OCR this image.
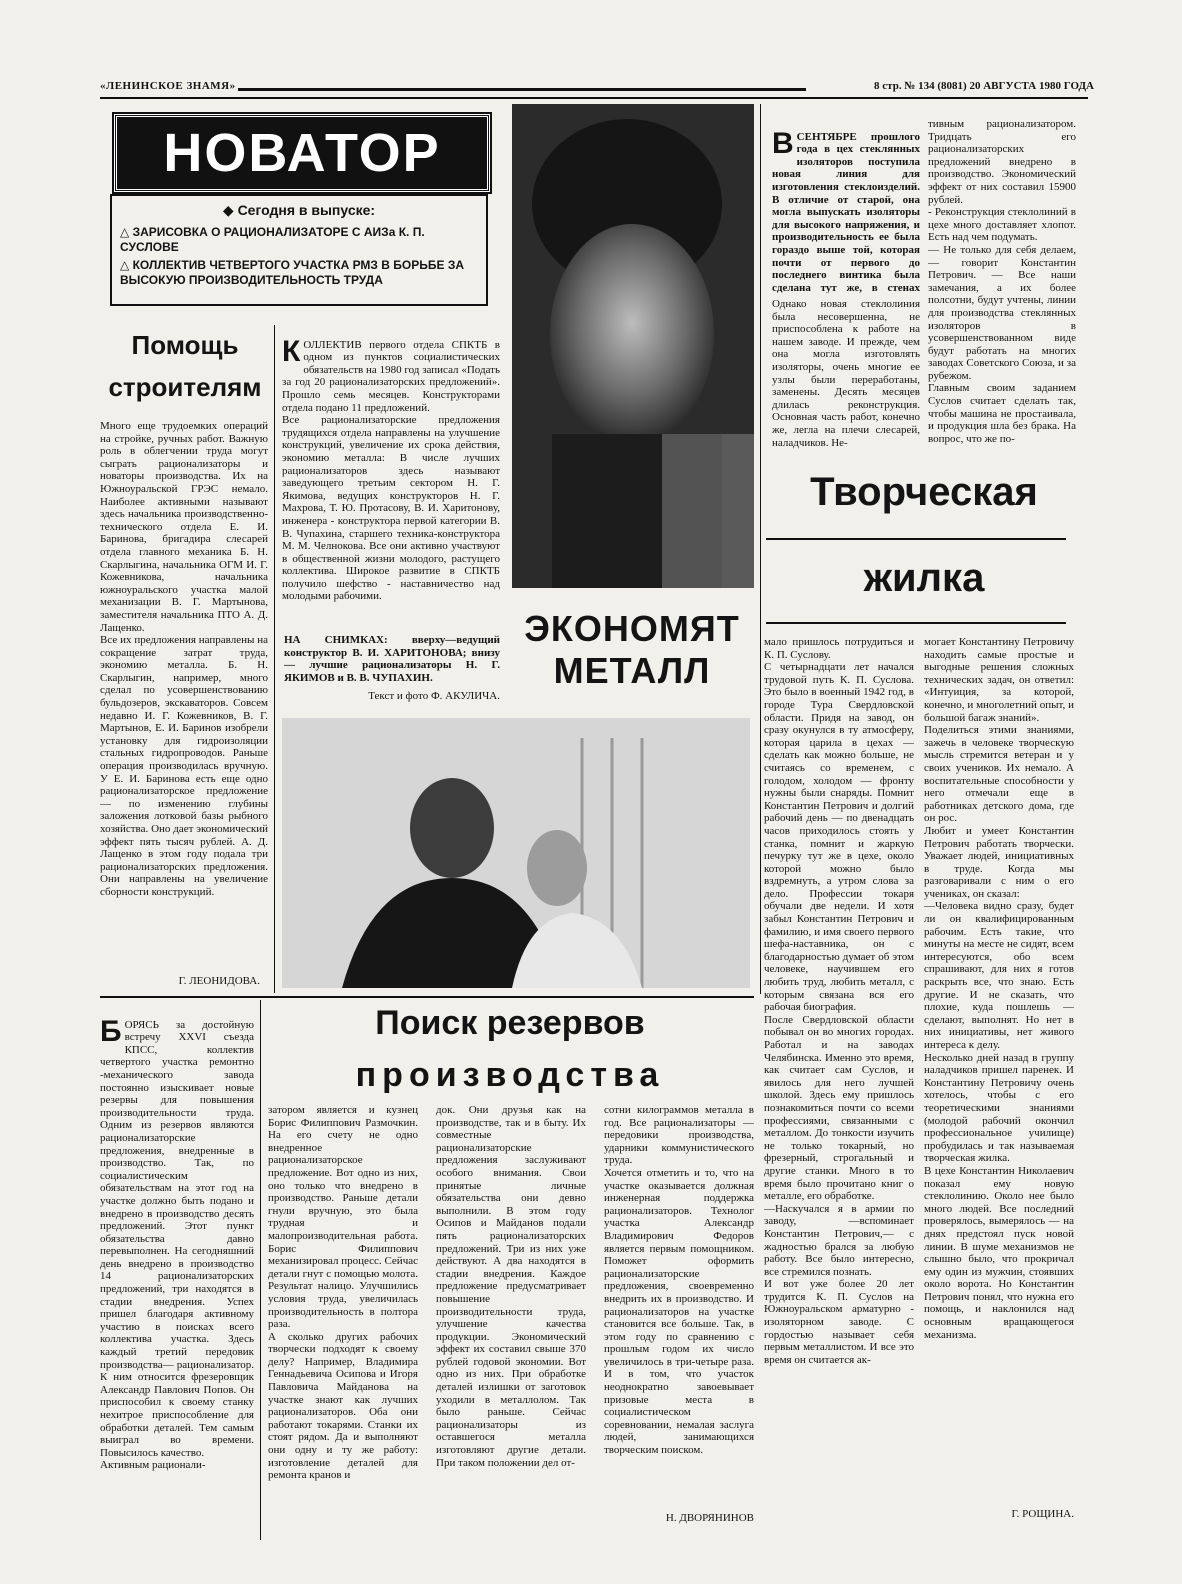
«ЛЕНИНСКОЕ ЗНАМЯ»	8 стр. № 134 (8081) 20 АВГУСТА 1980 ГОДА
НОВАТОР
◆ Сегодня в выпуске:

△ ЗАРИСОВКА О РАЦИОНАЛИЗАТОРЕ С АИЗа К. П. СУСЛОВЕ

△ КОЛЛЕКТИВ ЧЕТВЕРТОГО УЧАСТКА РМЗ В БОРЬБЕ ЗА ВЫСОКУЮ ПРОИЗВОДИТЕЛЬНОСТЬ ТРУДА

Помощь
строителям
Много еще трудоемких операций на стройке, ручных работ. Важную роль в облегчении труда могут сыграть рационализаторы и новаторы производства. Их на Южноуральской ГРЭС немало. Наиболее активными называют здесь начальника производственно-технического отдела Е. И. Баринова, бригадира слесарей отдела главного механика Б. Н. Скарлыгина, начальника ОГМ И. Г. Кожевникова, начальника южноуральского участка малой механизации В. Г. Мартынова, заместителя начальника ПТО А. Д. Лащенко.
Все их предложения направлены на сокращение затрат труда, экономию металла. Б. Н. Скарлыгин, например, много сделал по усовершенствованию бульдозеров, экскаваторов. Совсем недавно И. Г. Кожевников, В. Г. Мартынов, Е. И. Баринов изобрели установку для гидроизоляции стальных гидропроводов. Раньше операция производилась вручную. У Е. И. Баринова есть еще одно рационализаторское предложение — по изменению глубины заложения лотковой базы рыбного хозяйства. Оно дает экономический эффект пять тысяч рублей. А. Д. Лащенко в этом году подала три рационализаторских предложения. Они направлены на увеличение сборности конструкций.
Г. ЛЕОНИДОВА.

КОЛЛЕКТИВ первого отдела СПКТБ в одном из пунктов социалистических обязательств на 1980 год записал «Подать за год 20 рационализаторских предложений». Прошло семь месяцев. Конструкторами отдела подано 11 предложений.
Все рационализаторские предложения трудящихся отдела направлены на улучшение конструкций, увеличение их срока действия, экономию металла: В числе лучших рационализаторов здесь называют заведующего третьим сектором Н. Г. Якимова, ведущих конструкторов Н. Г. Махрова, Т. Ю. Протасову, В. И. Харитонову, инженера - конструктора первой категории В. В. Чупахина, старшего техника-конструктора М. М. Челнокова. Все они активно участвуют в общественной жизни молодого, растущего коллектива. Широкое развитие в СПКТБ получило шефство - наставничество над молодыми рабочими.

НА СНИМКАХ: вверху—ведущий конструктор В. И. ХАРИТОНОВА; внизу — лучшие рационализаторы Н. Г. ЯКИМОВ и В. В. ЧУПАХИН.
Текст и фото Ф. АКУЛИЧА.
ЭКОНОМЯТ
МЕТАЛЛ

ВСЕНТЯБРЕ прошлого года в цех стеклянных изоляторов поступила новая линия для изготовления стеклоизделий. В отличие от старой, она могла выпускать изоляторы для высокого напряжения, и производительность ее была гораздо выше той, которая почти от первого до последнего винтика была сделана тут же, в стенах

Однако новая стеклолиния была несовершенна, не приспособлена к работе на нашем заводе. И прежде, чем она могла изготовлять изоляторы, очень многие ее узлы были переработаны, заменены. Десять месяцев длилась реконструкция. Основная часть работ, конечно же, легла на плечи слесарей, наладчиков. Не-
тивным рационализатором. Тридцать его рационализаторских предложений внедрено в производство. Экономический эффект от них составил 15900 рублей.
- Реконструкция стеклолиний в цехе много доставляет хлопот. Есть над чем подумать.
— Не только для себя делаем,— говорит Константин Петрович. — Все наши замечания, а их более полсотни, будут учтены, линии для производства стеклянных изоляторов в усовершенствованном виде будут работать на многих заводах Советского Союза, и за рубежом.
Главным своим заданием Суслов считает сделать так, чтобы машина не простаивала, и продукция шла без брака. На вопрос, что же по-
Творческая
жилка
мало пришлось потрудиться и К. П. Суслову.
С четырнадцати лет начался трудовой путь К. П. Суслова. Это было в военный 1942 год, в городе Тура Свердловской области. Придя на завод, он сразу окунулся в ту атмосферу, которая царила в цехах — сделать как можно больше, не считаясь со временем, с голодом, холодом — фронту нужны были снаряды. Помнит Константин Петрович и долгий рабочий день — по двенадцать часов приходилось стоять у станка, помнит и жаркую печурку тут же в цехе, около которой можно было вздремнуть, а утром слова за дело. Профессии токаря обучали две недели. И хотя забыл Константин Петрович и фамилию, и имя своего первого шефа-наставника, он с благодарностью думает об этом человеке, научившем его любить труд, любить металл, с которым связана вся его рабочая биография.
После Свердловской области побывал он во многих городах. Работал и на заводах Челябинска. Именно это время, как считает сам Суслов, и явилось для него лучшей школой. Здесь ему пришлось познакомиться почти со всеми профессиями, связанными с металлом. До тонкости изучить не только токарный, но фрезерный, строгальный и другие станки. Много в то время было прочитано книг о металле, его обработке.
—Наскучался я в армии по заводу, —вспоминает Константин Петрович,— с жадностью брался за любую работу. Все было интересно, все стремился познать.
И вот уже более 20 лет трудится К. П. Суслов на Южноуральском арматурно - изоляторном заводе. С гордостью называет себя первым металлистом. И все это время он считается ак-
могает Константину Петровичу находить самые простые и выгодные решения сложных технических задач, он ответил: «Интуиция, за которой, конечно, и многолетний опыт, и большой багаж знаний».
Поделиться этими знаниями, зажечь в человеке творческую мысль стремится ветеран и у своих учеников. Их немало. А воспитательные способности у него отмечали еще в работниках детского дома, где он рос.
Любит и умеет Константин Петрович работать творчески. Уважает людей, инициативных в труде. Когда мы разговаривали с ним о его учениках, он сказал:
—Человека видно сразу, будет ли он квалифицированным рабочим. Есть такие, что минуты на месте не сидят, всем интересуются, обо всем спрашивают, для них я готов раскрыть все, что знаю. Есть другие. И не сказать, что плохие, куда пошлешь — сделают, выполнят. Но нет в них инициативы, нет живого интереса к делу.
Несколько дней назад в группу наладчиков пришел паренек. И Константину Петровичу очень хотелось, чтобы с его теоретическими знаниями (молодой рабочий окончил профессиональное училище) пробудилась и так называемая творческая жилка.
В цехе Константин Николаевич показал ему новую стеклолинию. Около нее было много людей. Все последний проверялось, вымерялось — на днях предстоял пуск новой линии. В шуме механизмов не слышно было, что прокричал ему один из мужчин, стоявших около ворота. Но Константин Петрович понял, что нужна его помощь, и наклонился над основным вращающегося механизма.
Г. РОЩИНА.

БОРЯСЬ за достойную встречу XXVI съезда КПСС, коллектив четвертого участка ремонтно -механического завода постоянно изыскивает новые резервы для повышения производительности труда. Одним из резервов являются рационализаторские предложения, внедренные в производство. Так, по социалистическим обязательствам на этот год на участке должно быть подано и внедрено в производство десять предложений. Этот пункт обязательства давно перевыполнен. На сегодняшний день внедрено в производство 14 рационализаторских предложений, три находятся в стадии внедрения. Успех пришел благодаря активному участию в поисках всего коллектива участка. Здесь каждый третий передовик производства— рационализатор. К ним относится фрезеровщик Александр Павлович Попов. Он приспособил к своему станку нехитрое приспособление для обработки деталей. Тем самым выиграл во времени. Повысилось качество.
Активным рационали-

Поиск резервов
производства
затором является и кузнец Борис Филиппович Размочкин. На его счету не одно внедренное рационализаторское предложение. Вот одно из них, оно только что внедрено в производство. Раньше детали гнули вручную, это была трудная и малопроизводительная работа. Борис Филиппович механизировал процесс. Сейчас детали гнут с помощью молота. Результат налицо. Улучшились условия труда, увеличилась производительность в полтора раза.
А сколько других рабочих творчески подходят к своему делу? Например, Владимира Геннадьевича Осипова и Игоря Павловича Майданова на участке знают как лучших рационализаторов. Оба они работают токарями. Станки их стоят рядом. Да и выполняют они одну и ту же работу: изготовление деталей для ремонта кранов и
док. Они друзья как на производстве, так и в быту. Их совместные рационализаторские предложения заслуживают особого внимания. Свои принятые личные обязательства они девно выполнили. В этом году Осипов и Майданов подали пять рационализаторских предложений. Три из них уже действуют. А два находятся в стадии внедрения. Каждое предложение предусматривает повышение производительности труда, улучшение качества продукции. Экономический эффект их составил свыше 370 рублей годовой экономии. Вот одно из них. При обработке деталей излишки от заготовок уходили в металлолом. Так было раньше. Сейчас рационализаторы из оставшегося металла изготовляют другие детали. При таком положении дел от-
сотни килограммов металла в год. Все рационализаторы —передовики производства, ударники коммунистического труда.
Хочется отметить и то, что на участке оказывается должная инженерная поддержка рационализаторов. Технолог участка Александр Владимирович Федоров является первым помощником. Поможет оформить рационализаторские предложения, своевременно внедрить их в производство. И рационализаторов на участке становится все больше. Так, в этом году по сравнению с прошлым годом их число увеличилось в три-четыре раза. И в том, что участок неоднократно завоевывает призовые места в социалистическом соревновании, немалая заслуга людей, занимающихся творческим поиском.
Н. ДВОРЯНИНОВ
